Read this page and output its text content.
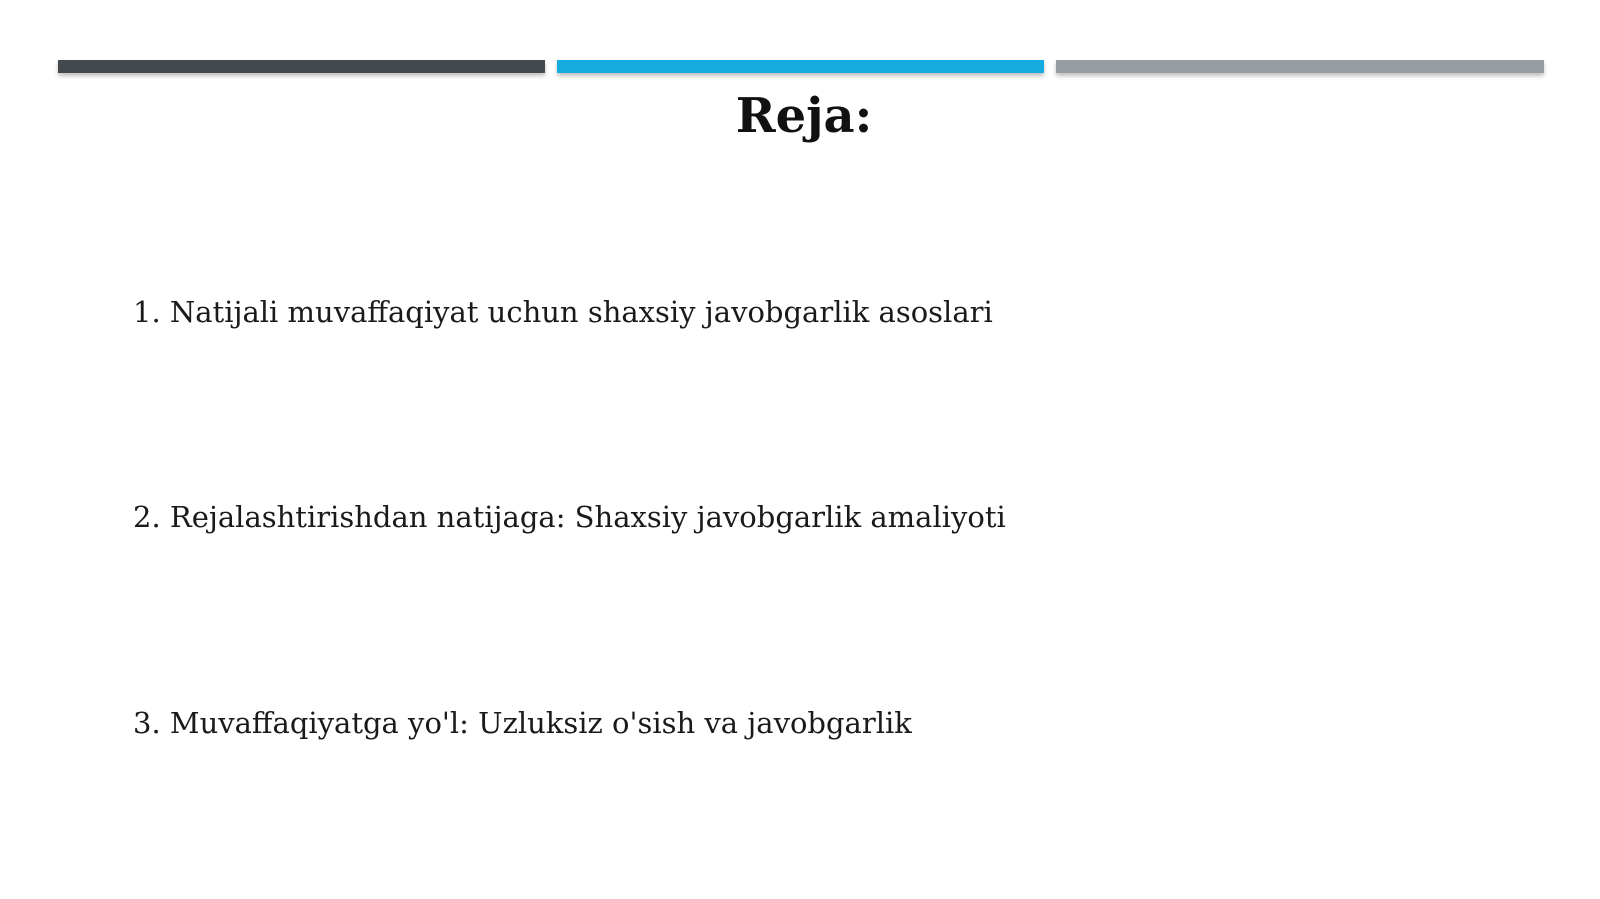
Reja:
1. Natijali muvaffaqiyat uchun shaxsiy javobgarlik asoslari
2. Rejalashtirishdan natijaga: Shaxsiy javobgarlik amaliyoti
3. Muvaffaqiyatga yo'l: Uzluksiz o'sish va javobgarlik
